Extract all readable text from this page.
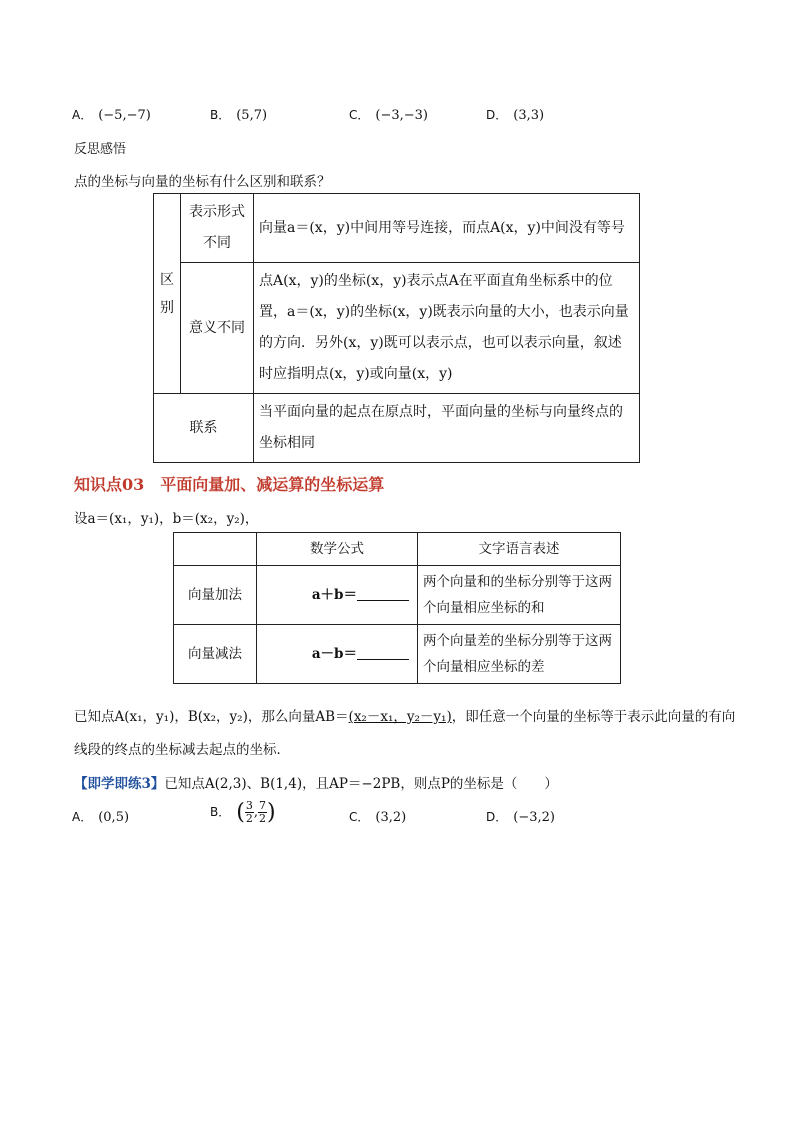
A． (−5,−7)	B． (5,7)	C． (−3,−3)	D． (3,3)
反思感悟
点的坐标与向量的坐标有什么区别和联系？
区别	表示形式不同	向量a＝(x，y)中间用等号连接，而点A(x，y)中间没有等号
	意义不同	点A(x，y)的坐标(x，y)表示点A在平面直角坐标系中的位置，a＝(x，y)的坐标(x，y)既表示向量的大小，也表示向量的方向．另外(x，y)既可以表示点，也可以表示向量，叙述时应指明点(x，y)或向量(x，y)
联系		当平面向量的起点在原点时，平面向量的坐标与向量终点的坐标相同
知识点03　平面向量加、减运算的坐标运算
设a＝(x₁，y₁)，b＝(x₂，y₂)，
	数学公式	文字语言表述
向量加法	a＋b＝	两个向量和的坐标分别等于这两个向量相应坐标的和
向量减法	a－b＝	两个向量差的坐标分别等于这两个向量相应坐标的差
已知点A(x₁，y₁)，B(x₂，y₂)，那么向量AB＝(x₂－x₁，y₂－y₁)，即任意一个向量的坐标等于表示此向量的有向
线段的终点的坐标减去起点的坐标．
【即学即练3】已知点A(2,3)、B(1,4)，且AP＝−2PB，则点P的坐标是（　　）
A． (0,5)	B． ( $\frac{3}{2}$ , $\frac{7}{2}$ )	C． (3,2)	D． (−3,2)
